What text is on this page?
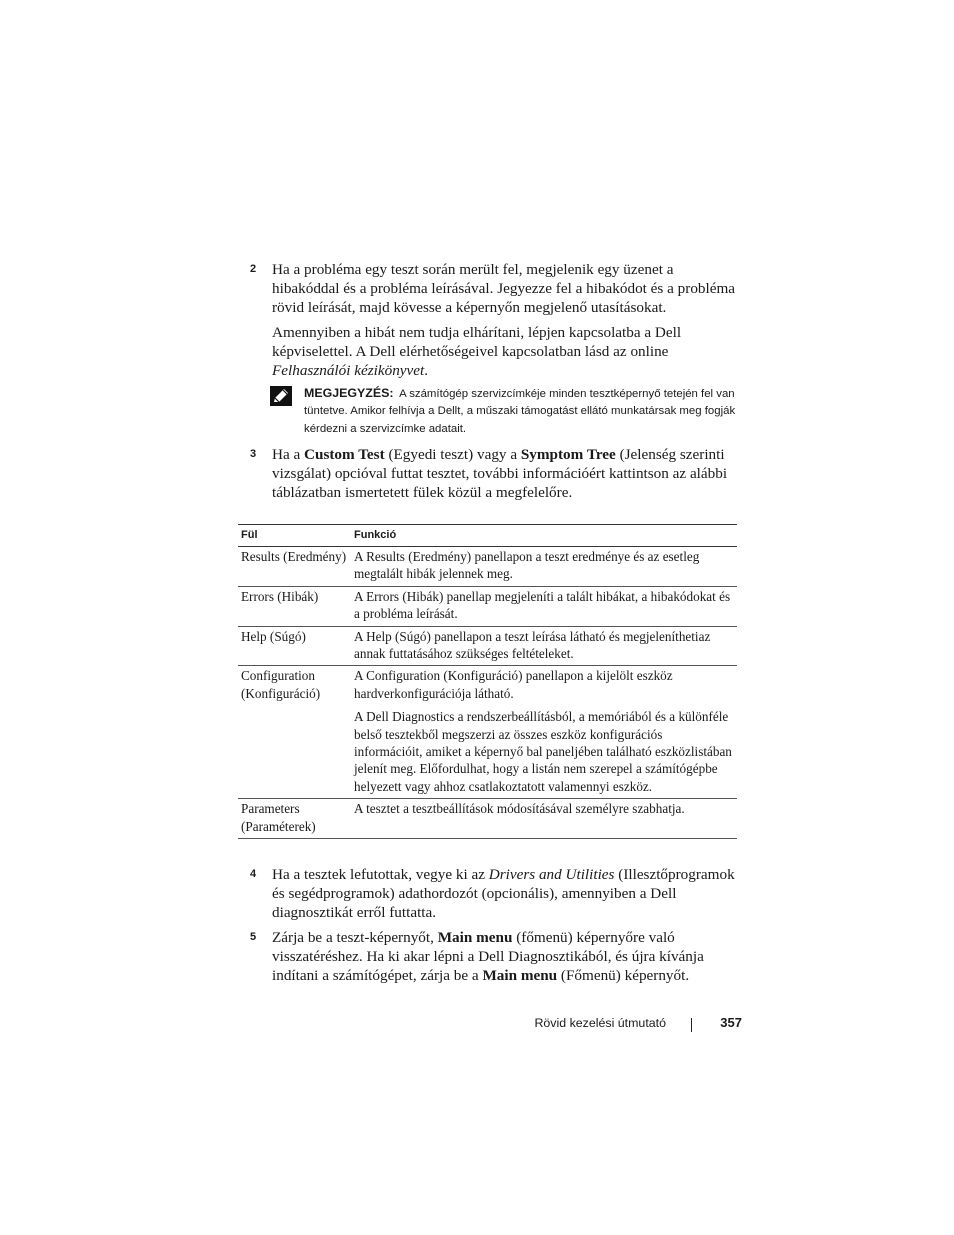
2 Ha a probléma egy teszt során merült fel, megjelenik egy üzenet a hibakóddal és a probléma leírásával. Jegyezze fel a hibakódot és a probléma rövid leírását, majd kövesse a képernyőn megjelenő utasításokat.

Amennyiben a hibát nem tudja elhárítani, lépjen kapcsolatba a Dell képviselettel. A Dell elérhetőségeivel kapcsolatban lásd az online Felhasználói kézikönyvet.

MEGJEGYZÉS: A számítógép szervizcímkéje minden tesztképernyő tetején fel van tüntetve. Amikor felhívja a Dellt, a műszaki támogatást ellátó munkatársak meg fogják kérdezni a szervizcímke adatait.
3 Ha a Custom Test (Egyedi teszt) vagy a Symptom Tree (Jelenség szerinti vizsgálat) opcióval futtat tesztet, további információért kattintson az alábbi táblázatban ismertetett fülek közül a megfelelőre.

Fül	Funkció
Results (Eredmény)	A Results (Eredmény) panellapon a teszt eredménye és az esetleg megtalált hibák jelennek meg.

Errors (Hibák)	A Errors (Hibák) panellap megjeleníti a talált hibákat, a hibakódokat és a probléma leírását.

Help (Súgó)	A Help (Súgó) panellapon a teszt leírása látható és megjeleníthetiaz annak futtatásához szükséges feltételeket.

Configuration (Konfiguráció)	A Configuration (Konfiguráció) panellapon a kijelölt eszköz hardverkonfigurációja látható.

A Dell Diagnostics a rendszerbeállításból, a memóriából és a különféle belső tesztekből megszerzi az összes eszköz konfigurációs információit, amiket a képernyő bal paneljében található eszközlistában jelenít meg. Előfordulhat, hogy a listán nem szerepel a számítógépbe helyezett vagy ahhoz csatlakoztatott valamennyi eszköz.

Parameters (Paraméterek)	A tesztet a tesztbeállítások módosításával személyre szabhatja.

4 Ha a tesztek lefutottak, vegye ki az Drivers and Utilities (Illesztőprogramok és segédprogramok) adathordozót (opcionális), amennyiben a Dell diagnosztikát erről futtatta.

5 Zárja be a teszt-képernyőt, Main menu (főmenü) képernyőre való visszatéréshez. Ha ki akar lépni a Dell Diagnosztikából, és újra kívánja indítani a számítógépet, zárja be a Main menu (Főmenü) képernyőt.

Rövid kezelési útmutató	357
